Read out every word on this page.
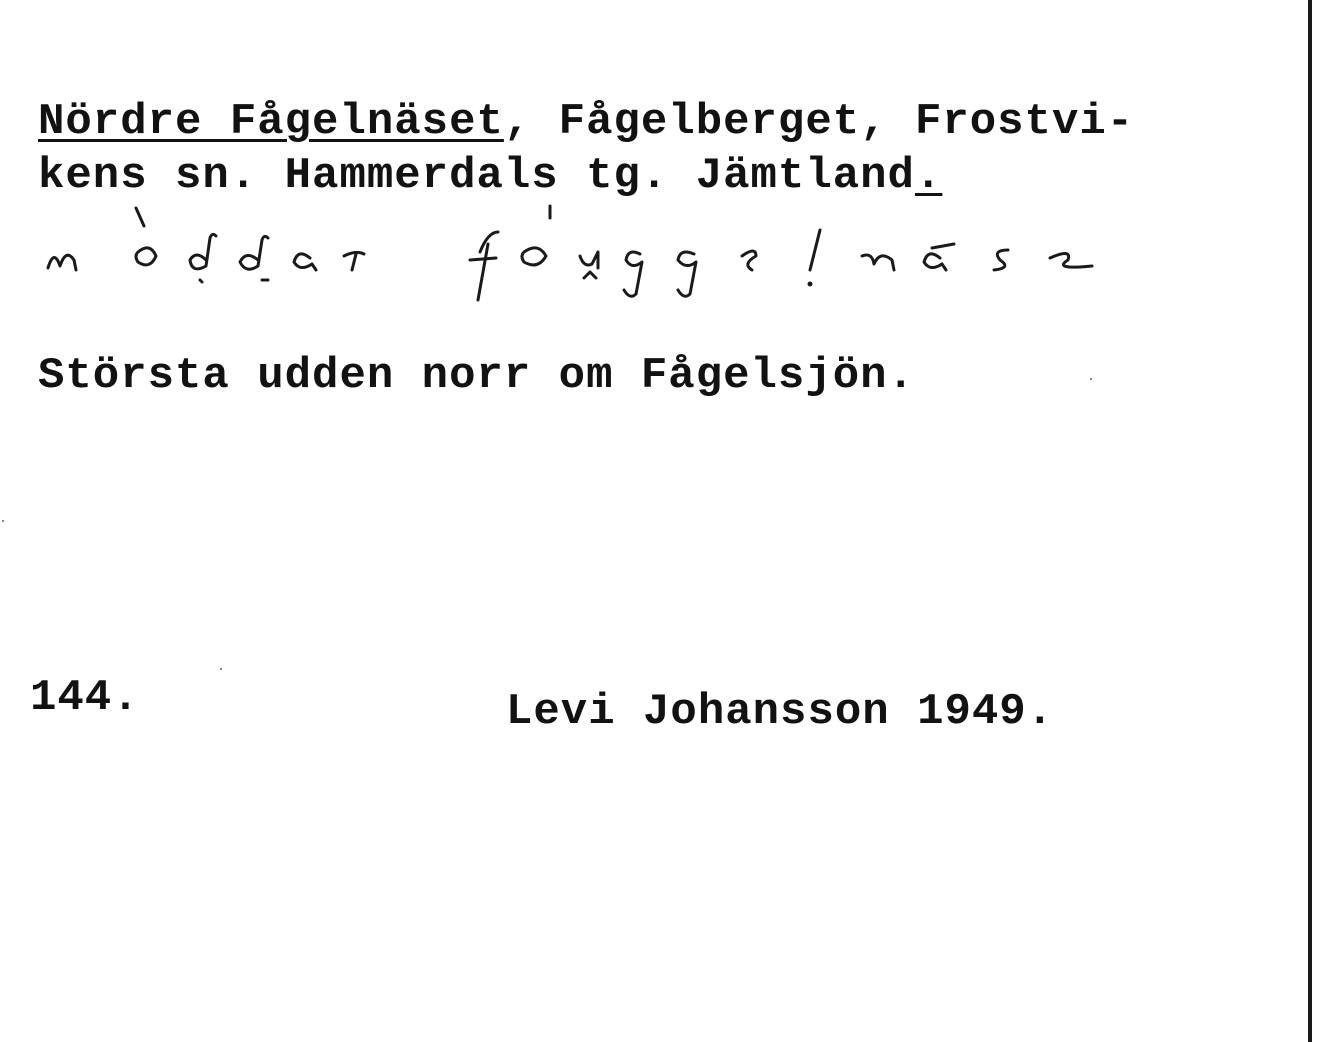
Nördre Fågelnäset, Fågelberget, Frostvi-
kens sn. Hammerdals tg. Jämtland.
Största udden norr om Fågelsjön.
144.	Levi Johansson 1949.
